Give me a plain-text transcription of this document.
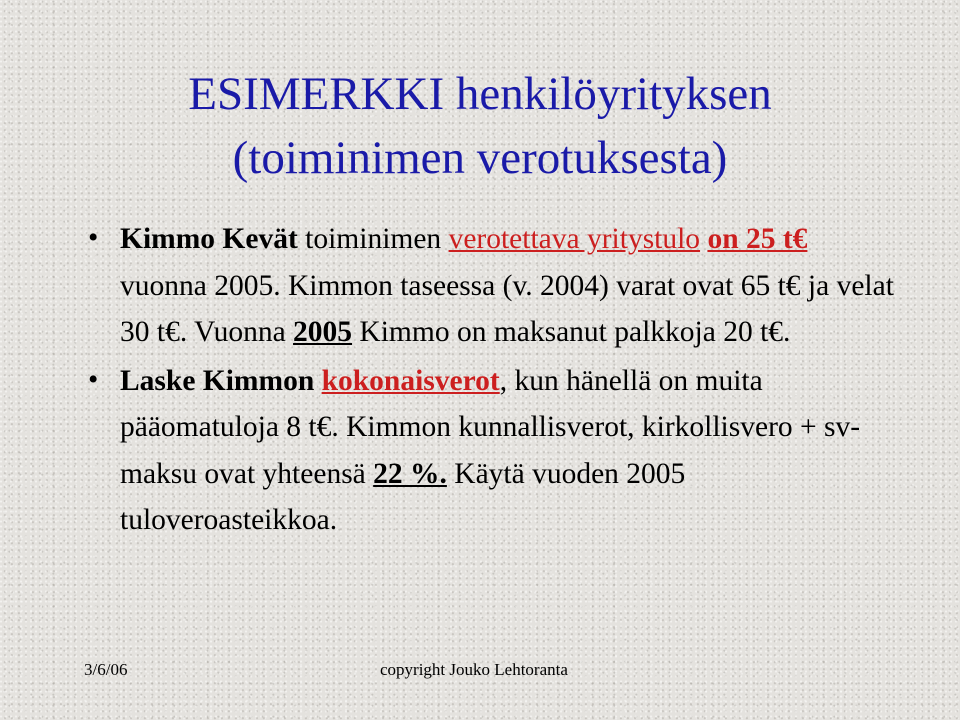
ESIMERKKI henkilöyrityksen
(toiminimen verotuksesta)

• Kimmo Kevät toiminimen verotettava yritystulo on 25 t€ vuonna 2005. Kimmon taseessa (v. 2004) varat ovat 65 t€ ja velat 30 t€. Vuonna 2005 Kimmo on maksanut palkkoja 20 t€.

• Laske Kimmon kokonaisverot, kun hänellä on muita pääomatuloja 8 t€. Kimmon kunnallisverot, kirkollisvero + sv-maksu ovat yhteensä 22 %. Käytä vuoden 2005 tuloveroasteikkoa.

3/6/06	copyright Jouko Lehtoranta
